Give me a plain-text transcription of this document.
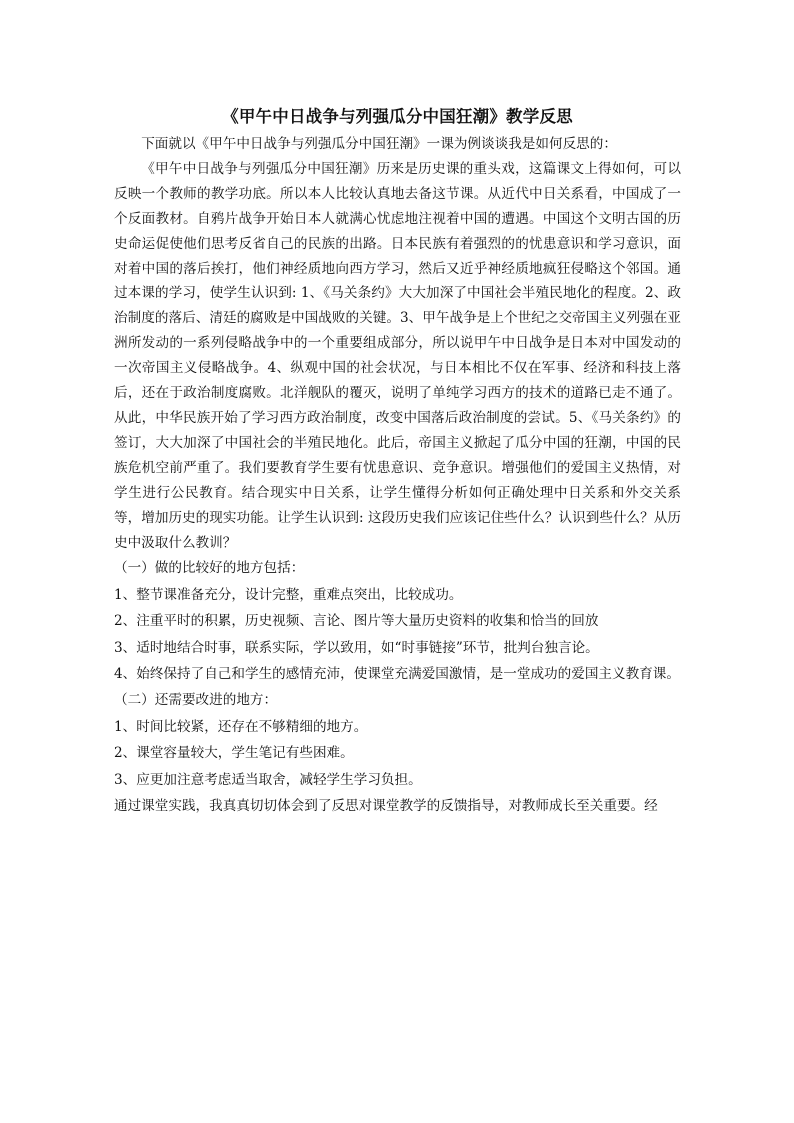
《甲午中日战争与列强瓜分中国狂潮》教学反思

下面就以《甲午中日战争与列强瓜分中国狂潮》一课为例谈谈我是如何反思的：

《甲午中日战争与列强瓜分中国狂潮》历来是历史课的重头戏，这篇课文上得如何，可以反映一个教师的教学功底。所以本人比较认真地去备这节课。从近代中日关系看，中国成了一个反面教材。自鸦片战争开始日本人就满心忧虑地注视着中国的遭遇。中国这个文明古国的历史命运促使他们思考反省自己的民族的出路。日本民族有着强烈的的忧患意识和学习意识，面对着中国的落后挨打，他们神经质地向西方学习，然后又近乎神经质地疯狂侵略这个邻国。通过本课的学习，使学生认识到: 1、《马关条约》大大加深了中国社会半殖民地化的程度。2、政治制度的落后、清廷的腐败是中国战败的关键。3、甲午战争是上个世纪之交帝国主义列强在亚洲所发动的一系列侵略战争中的一个重要组成部分，所以说甲午中日战争是日本对中国发动的一次帝国主义侵略战争。4、纵观中国的社会状况，与日本相比不仅在军事、经济和科技上落后，还在于政治制度腐败。北洋舰队的覆灭，说明了单纯学习西方的技术的道路已走不通了。从此，中华民族开始了学习西方政治制度，改变中国落后政治制度的尝试。5、《马关条约》的签订，大大加深了中国社会的半殖民地化。此后，帝国主义掀起了瓜分中国的狂潮，中国的民族危机空前严重了。我们要教育学生要有忧患意识、竞争意识。增强他们的爱国主义热情，对学生进行公民教育。结合现实中日关系，让学生懂得分析如何正确处理中日关系和外交关系等，增加历史的现实功能。让学生认识到: 这段历史我们应该记住些什么？认识到些什么？从历史中汲取什么教训？

（一）做的比较好的地方包括：

1、整节课准备充分，设计完整，重难点突出，比较成功。

2、注重平时的积累，历史视频、言论、图片等大量历史资料的收集和恰当的回放

3、适时地结合时事，联系实际，学以致用，如“时事链接”环节，批判台独言论。

4、始终保持了自己和学生的感情充沛，使课堂充满爱国激情，是一堂成功的爱国主义教育课。

（二）还需要改进的地方：

1、时间比较紧，还存在不够精细的地方。

2、课堂容量较大，学生笔记有些困难。

3、应更加注意考虑适当取舍，减轻学生学习负担。

通过课堂实践，我真真切切体会到了反思对课堂教学的反馈指导，对教师成长至关重要。经
